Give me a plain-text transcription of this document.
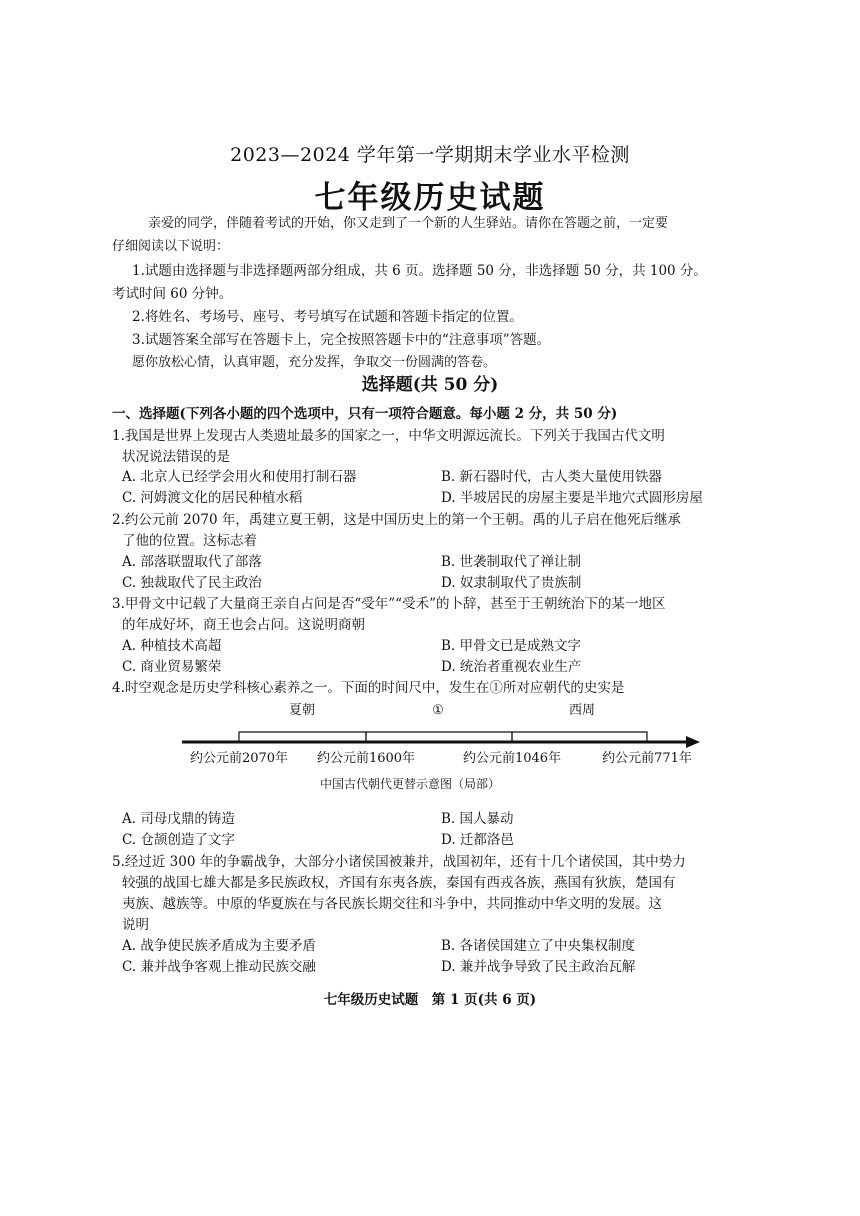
2023—2024 学年第一学期期末学业水平检测
七年级历史试题
亲爱的同学，伴随着考试的开始，你又走到了一个新的人生驿站。请你在答题之前，一定要
仔细阅读以下说明：
1.试题由选择题与非选择题两部分组成，共 6 页。选择题 50 分，非选择题 50 分，共 100 分。
考试时间 60 分钟。
2.将姓名、考场号、座号、考号填写在试题和答题卡指定的位置。
3.试题答案全部写在答题卡上，完全按照答题卡中的“注意事项”答题。
愿你放松心情，认真审题，充分发挥，争取交一份圆满的答卷。
选择题(共 50 分)
一、选择题(下列各小题的四个选项中，只有一项符合题意。每小题 2 分，共 50 分)
1.我国是世界上发现古人类遗址最多的国家之一，中华文明源远流长。下列关于我国古代文明
状况说法错误的是
A. 北京人已经学会用火和使用打制石器	B. 新石器时代，古人类大量使用铁器
C. 河姆渡文化的居民种植水稻	D. 半坡居民的房屋主要是半地穴式圆形房屋
2.约公元前 2070 年，禹建立夏王朝，这是中国历史上的第一个王朝。禹的儿子启在他死后继承
了他的位置。这标志着
A. 部落联盟取代了部落	B. 世袭制取代了禅让制
C. 独裁取代了民主政治	D. 奴隶制取代了贵族制
3.甲骨文中记载了大量商王亲自占问是否“受年”“受禾”的卜辞，甚至于王朝统治下的某一地区
的年成好坏，商王也会占问。这说明商朝
A. 种植技术高超	B. 甲骨文已是成熟文字
C. 商业贸易繁荣	D. 统治者重视农业生产
4.时空观念是历史学科核心素养之一。下面的时间尺中，发生在①所对应朝代的史实是
夏朝	①	西周
约公元前2070年 约公元前1600年	约公元前1046年	约公元前771年
中国古代朝代更替示意图（局部）
A. 司母戊鼎的铸造	B. 国人暴动
C. 仓颉创造了文字	D. 迁都洛邑
5.经过近 300 年的争霸战争，大部分小诸侯国被兼并，战国初年，还有十几个诸侯国，其中势力
较强的战国七雄大都是多民族政权，齐国有东夷各族，秦国有西戎各族，燕国有狄族，楚国有
夷族、越族等。中原的华夏族在与各民族长期交往和斗争中，共同推动中华文明的发展。这
说明
A. 战争使民族矛盾成为主要矛盾	B. 各诸侯国建立了中央集权制度
C. 兼并战争客观上推动民族交融	D. 兼并战争导致了民主政治瓦解
七年级历史试题　第 1 页(共 6 页)
